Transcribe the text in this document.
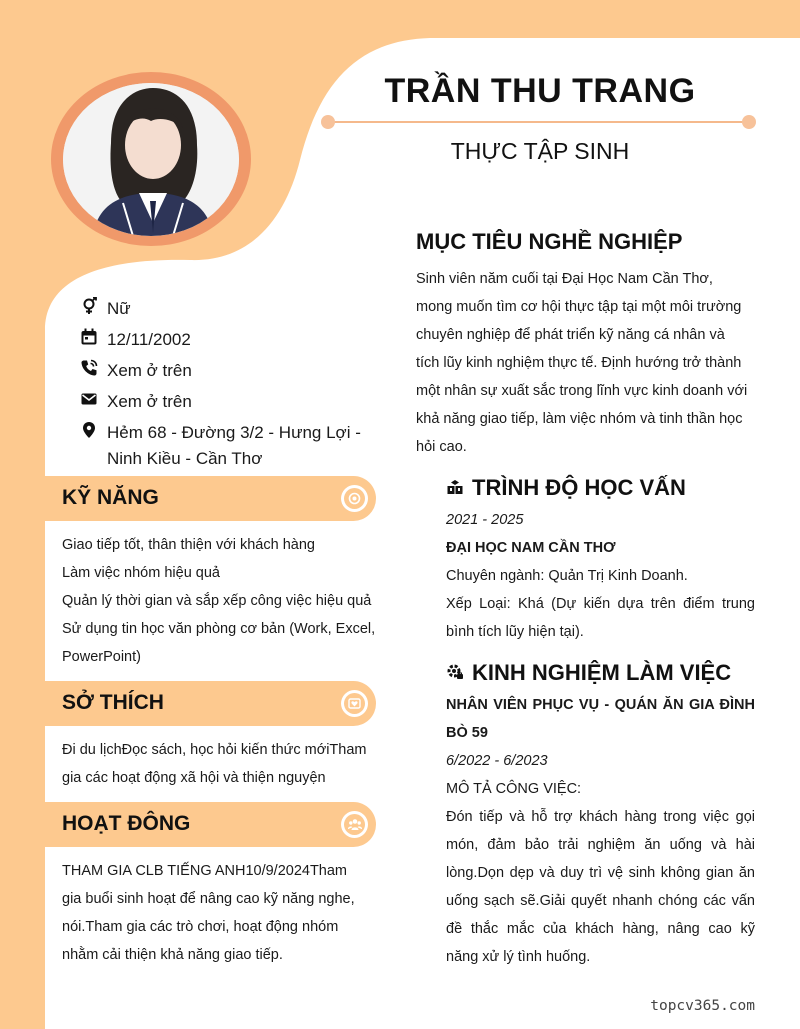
TRẦN THU TRANG
THỰC TẬP SINH
Nữ
12/11/2002
Xem ở trên
Xem ở trên
Hẻm 68 - Đường 3/2 - Hưng Lợi -
Ninh Kiều - Cần Thơ
KỸ NĂNG
Giao tiếp tốt, thân thiện với khách hàng
Làm việc nhóm hiệu quả
Quản lý thời gian và sắp xếp công việc hiệu quả
Sử dụng tin học văn phòng cơ bản (Work, Excel,
PowerPoint)
SỞ THÍCH
Đi du lịchĐọc sách, học hỏi kiến thức mớiTham
gia các hoạt động xã hội và thiện nguyện
HOẠT ĐÔNG
THAM GIA CLB TIẾNG ANH10/9/2024Tham
gia buổi sinh hoạt để nâng cao kỹ năng nghe,
nói.Tham gia các trò chơi, hoạt động nhóm
nhằm cải thiện khả năng giao tiếp.
MỤC TIÊU NGHỀ NGHIỆP
Sinh viên năm cuối tại Đại Học Nam Cần Thơ,
mong muốn tìm cơ hội thực tập tại một môi trường
chuyên nghiệp để phát triển kỹ năng cá nhân và
tích lũy kinh nghiệm thực tế. Định hướng trở thành
một nhân sự xuất sắc trong lĩnh vực kinh doanh với
khả năng giao tiếp, làm việc nhóm và tinh thần học
hỏi cao.
TRÌNH ĐỘ HỌC VẤN
2021 - 2025
ĐẠI HỌC NAM CẦN THƠ
Chuyên ngành: Quản Trị Kinh Doanh.
Xếp Loại: Khá (Dự kiến dựa trên điểm trung
bình tích lũy hiện tại).
KINH NGHIỆM LÀM VIỆC
NHÂN VIÊN PHỤC VỤ - QUÁN ĂN GIA ĐÌNH
BÒ 59
6/2022 - 6/2023
MÔ TẢ CÔNG VIỆC:
Đón tiếp và hỗ trợ khách hàng trong việc gọi
món, đảm bảo trải nghiệm ăn uống và hài
lòng.Dọn dẹp và duy trì vệ sinh không gian ăn
uống sạch sẽ.Giải quyết nhanh chóng các vấn
đề thắc mắc của khách hàng, nâng cao kỹ
năng xử lý tình huống.
topcv365.com
